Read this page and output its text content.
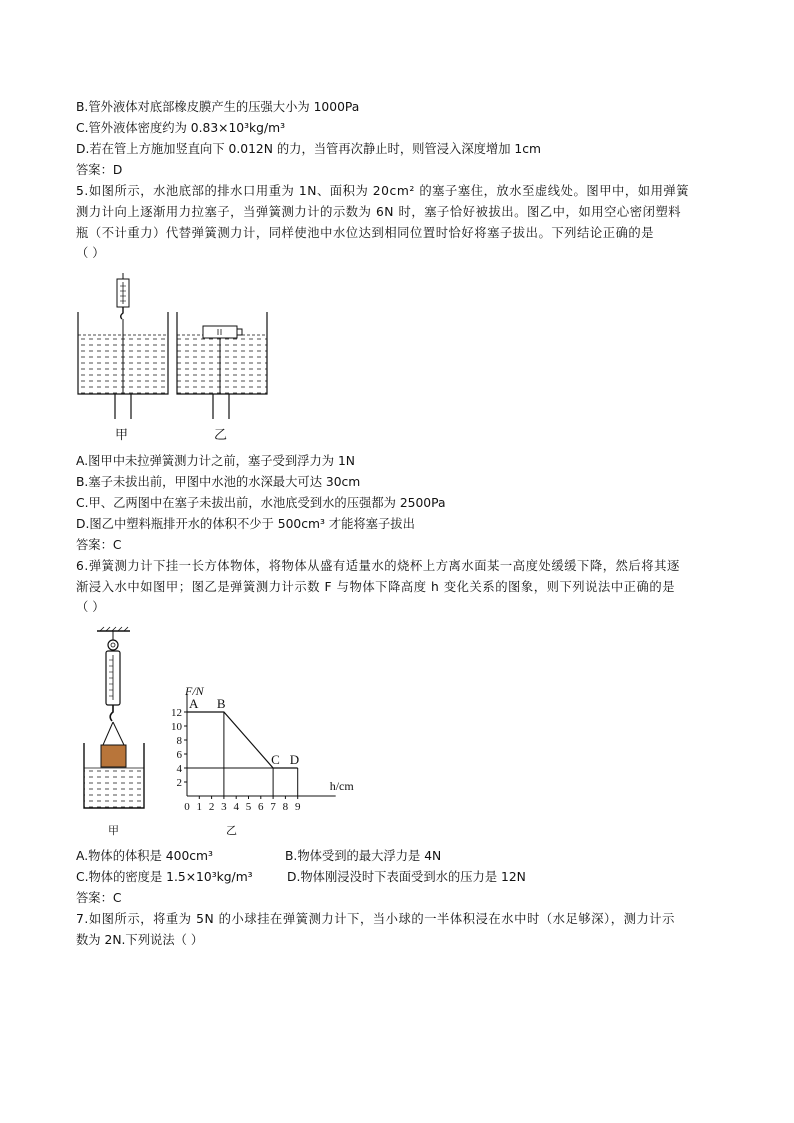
B.管外液体对底部橡皮膜产生的压强大小为 1000Pa
C.管外液体密度约为 0.83×10³kg/m³
D.若在管上方施加竖直向下 0.012N 的力，当管再次静止时，则管浸入深度增加 1cm
答案：D
5.如图所示，水池底部的排水口用重为 1N、面积为 20cm² 的塞子塞住，放水至虚线处。图甲中，如用弹簧
测力计向上逐渐用力拉塞子，当弹簧测力计的示数为 6N 时，塞子恰好被拔出。图乙中，如用空心密闭塑料
瓶（不计重力）代替弹簧测力计，同样使池中水位达到相同位置时恰好将塞子拔出。下列结论正确的是
（ ）
甲	乙
A.图甲中未拉弹簧测力计之前，塞子受到浮力为 1N
B.塞子未拔出前，甲图中水池的水深最大可达 30cm
C.甲、乙两图中在塞子未拔出前，水池底受到水的压强都为 2500Pa
D.图乙中塑料瓶排开水的体积不少于 500cm³ 才能将塞子拔出
答案：C
6.弹簧测力计下挂一长方体物体，将物体从盛有适量水的烧杯上方离水面某一高度处缓缓下降，然后将其逐
渐浸入水中如图甲；图乙是弹簧测力计示数 F 与物体下降高度 h 变化关系的图象，则下列说法中正确的是
（ ）
甲
F/N
h/cm
2
4
6
8
10
12
0 1 2 3 4 5 6 7 8 9
A B
C D
乙
A.物体的体积是 400cm³	B.物体受到的最大浮力是 4N
C.物体的密度是 1.5×10³kg/m³	D.物体刚浸没时下表面受到水的压力是 12N
答案：C
7.如图所示，将重为 5N 的小球挂在弹簧测力计下，当小球的一半体积浸在水中时（水足够深），测力计示
数为 2N.下列说法（ ）
